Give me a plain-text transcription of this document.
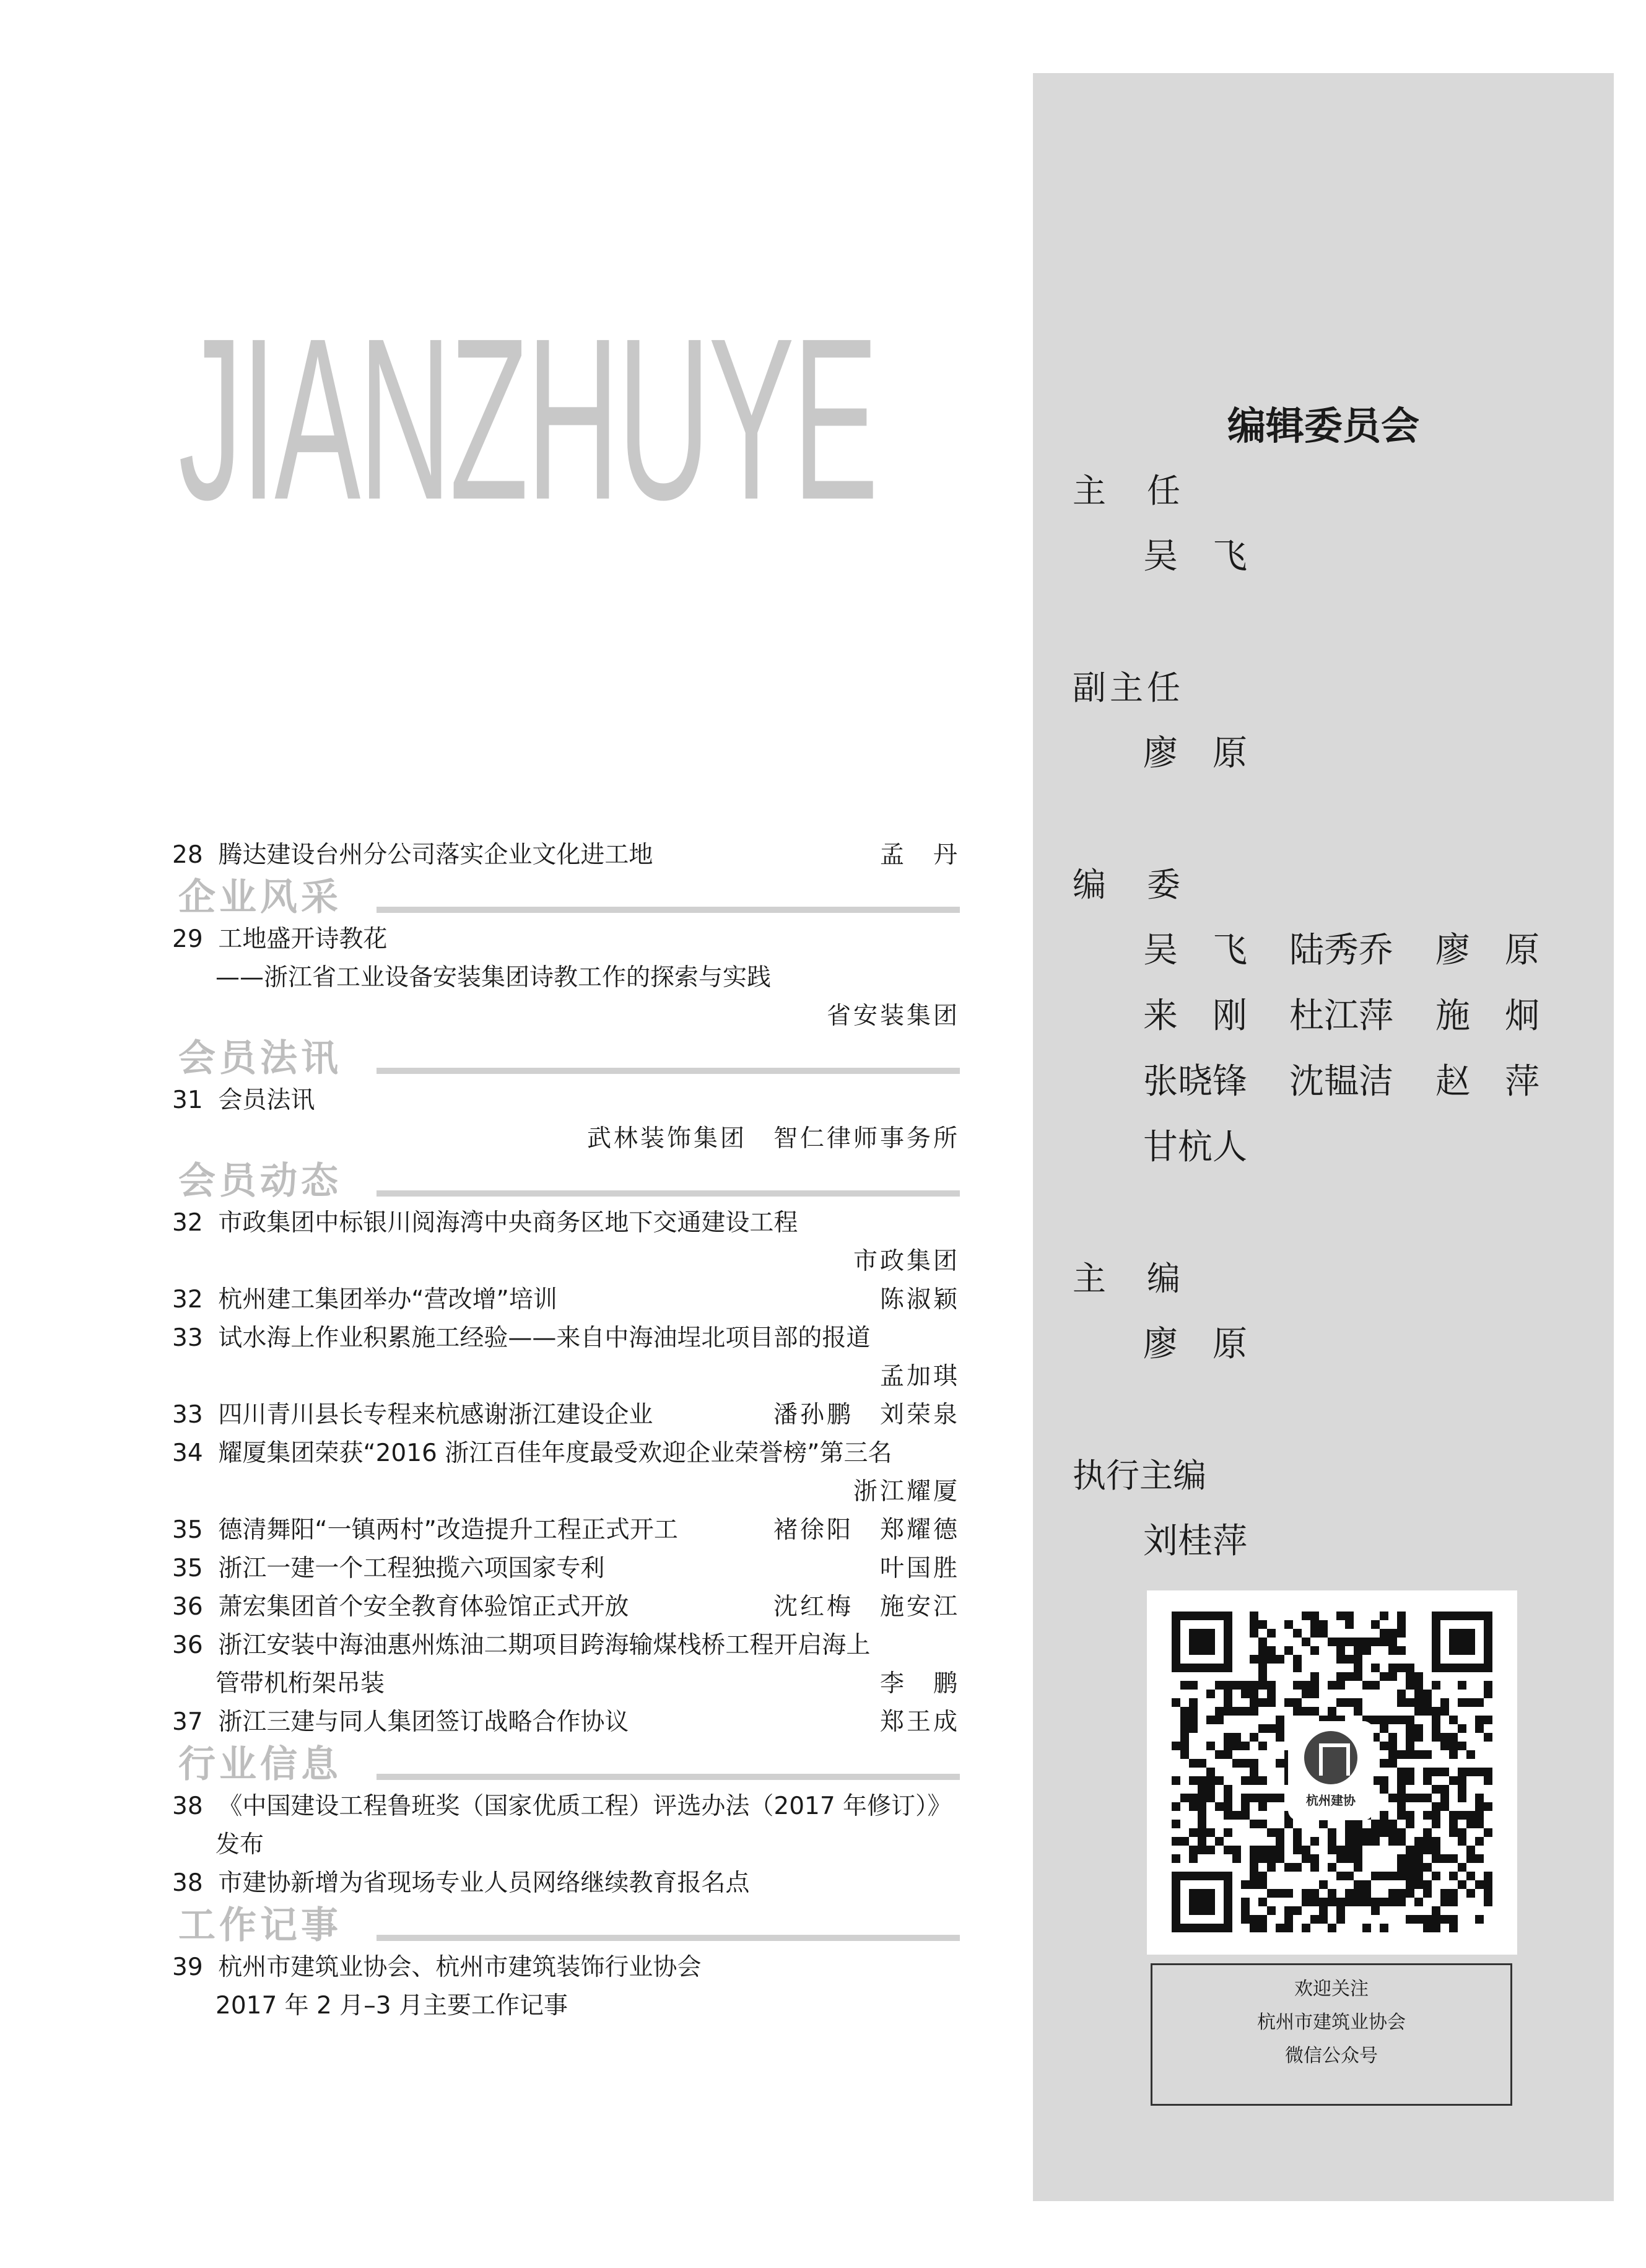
JIANZHUYE
28 腾达建设台州分公司落实企业文化进工地	孟　丹
企业风采
29 工地盛开诗教花
——浙江省工业设备安装集团诗教工作的探索与实践
省安装集团
会员法讯
31 会员法讯
武林装饰集团　智仁律师事务所
会员动态
32 市政集团中标银川阅海湾中央商务区地下交通建设工程
市政集团
32 杭州建工集团举办“营改增”培训	陈淑颖
33 试水海上作业积累施工经验——来自中海油埕北项目部的报道
孟加琪
33 四川青川县长专程来杭感谢浙江建设企业	潘孙鹏　刘荣泉
34 耀厦集团荣获“2016 浙江百佳年度最受欢迎企业荣誉榜”第三名
浙江耀厦
35 德清舞阳“一镇两村”改造提升工程正式开工	褚徐阳　郑耀德
35 浙江一建一个工程独揽六项国家专利	叶国胜
36 萧宏集团首个安全教育体验馆正式开放	沈红梅　施安江
36 浙江安装中海油惠州炼油二期项目跨海输煤栈桥工程开启海上
管带机桁架吊装	李　鹏
37 浙江三建与同人集团签订战略合作协议	郑王成
行业信息
38 《中国建设工程鲁班奖（国家优质工程）评选办法（2017 年修订）》
发布
38 市建协新增为省现场专业人员网络继续教育报名点
工作记事
39 杭州市建筑业协会、杭州市建筑装饰行业协会
2017 年 2 月–3 月主要工作记事
编辑委员会
主　任
吴　飞
副主任
廖　原
编　委
吴　飞 陆秀乔 廖　原
来　刚 杜江萍 施　炯
张晓锋 沈韫洁 赵　萍
甘杭人
主　编
廖　原
执行主编
刘桂萍
杭州建协
欢迎关注
杭州市建筑业协会
微信公众号
